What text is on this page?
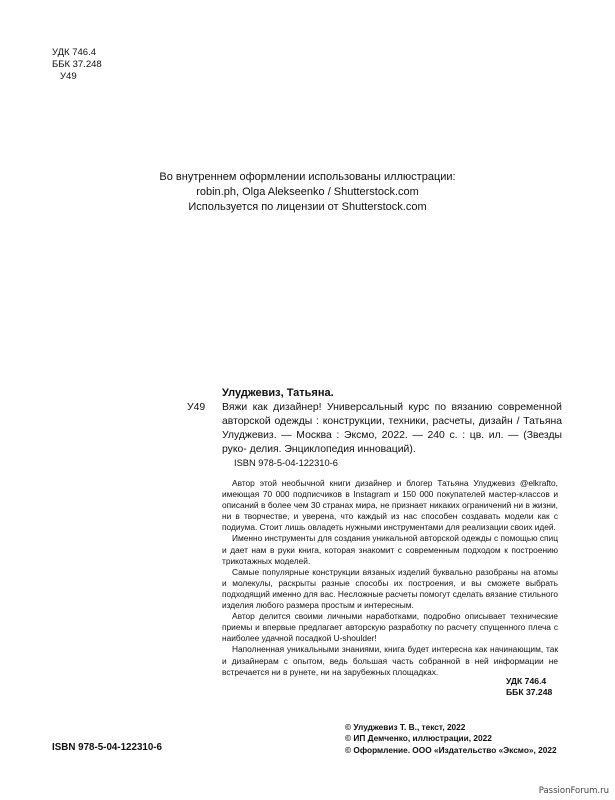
УДК 746.4
ББК 37.248
У49
Во внутреннем оформлении использованы иллюстрации:
robin.ph, Olga Alekseenko / Shutterstock.com
Используется по лицензии от Shutterstock.com
У49
Улуджевиз, Татьяна.
Вяжи как дизайнер! Универсальный курс по вязанию современной авторской одежды : конструкции, техники, расчеты, дизайн / Татьяна Улуджевиз. — Москва : Эксмо, 2022. — 240 с. : цв. ил. — (Звезды руко- делия. Энциклопедия инноваций).
ISBN 978-5-04-122310-6

Автор этой необычной книги дизайнер и блогер Татьяна Улуджевиз @elkrafto, имеющая 70 000 подписчиков в Instagram и 150 000 покупателей мастер-классов и описаний в более чем 30 странах мира, не признает никаких ограничений ни в жизни, ни в творчестве, и уверена, что каждый из нас способен создавать модели как с подиума. Стоит лишь овладеть нужными инструментами для реализации своих идей.

Именно инструменты для создания уникальной авторской одежды с помощью спиц и дает нам в руки книга, которая знакомит с современным подходом к построению трикотажных моделей.

Самые популярные конструкции вязаных изделий буквально разобраны на атомы и молекулы, раскрыты разные способы их построения, и вы сможете выбрать подходящий именно для вас. Несложные расчеты помогут сделать вязание стильного изделия любого размера простым и интересным.

Автор делится своими личными наработками, подробно описывает технические приемы и впервые предлагает авторскую разработку по расчету спущенного плеча с наиболее удачной посадкой U-shoulder!

Наполненная уникальными знаниями, книга будет интересна как начинающим, так и дизайнерам с опытом, ведь большая часть собранной в ней информации не встречается ни в рунете, ни на зарубежных площадках.

УДК 746.4
ББК 37.248
© Улуджевиз Т. В., текст, 2022
© ИП Демченко, иллюстрации, 2022
© Оформление. ООО «Издательство «Эксмо», 2022
ISBN 978-5-04-122310-6
PassionForum.ru
